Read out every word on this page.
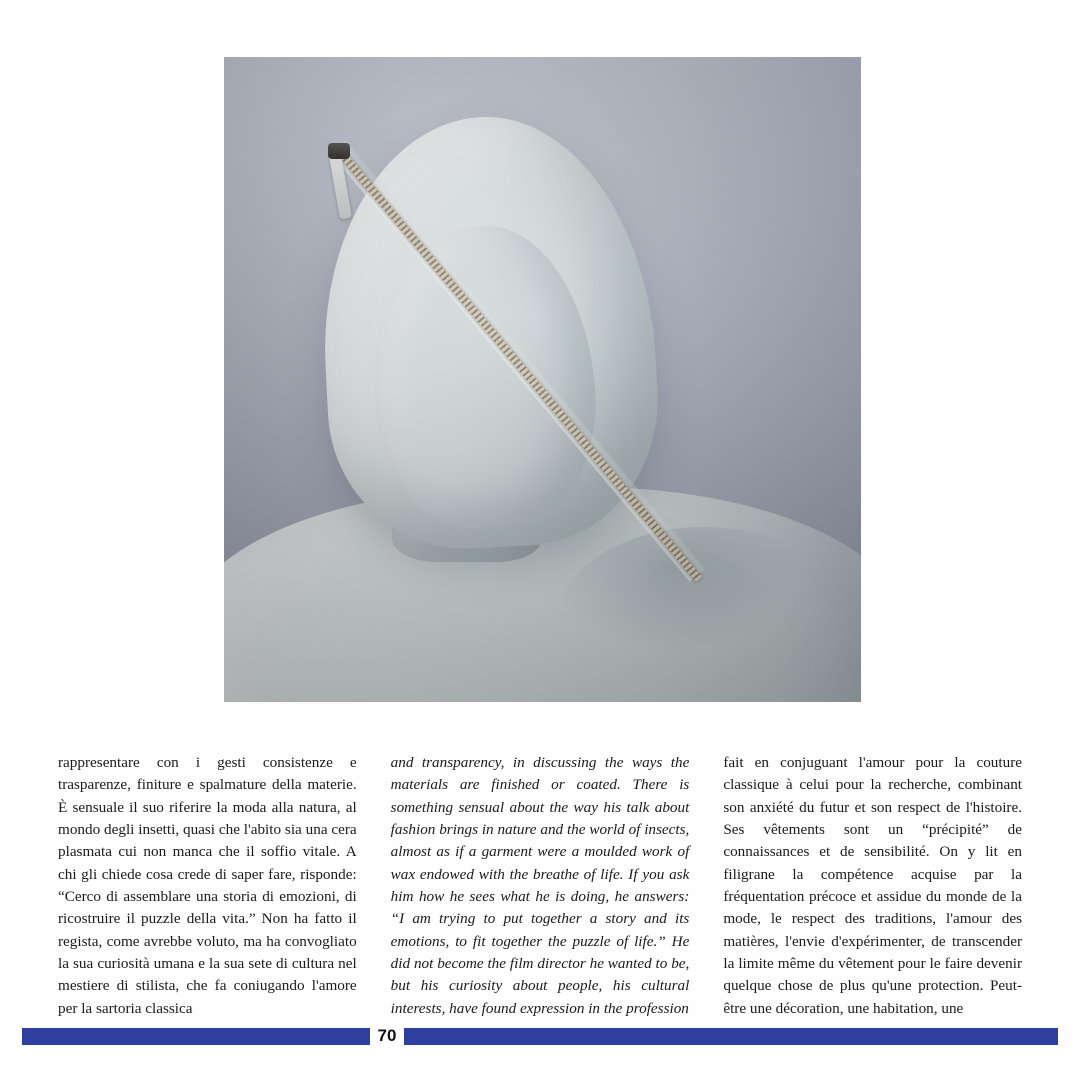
rappresentare con i gesti consistenze e trasparenze, finiture e spalmature della materie. È sensuale il suo riferire la moda alla natura, al mondo degli insetti, quasi che l'abito sia una cera plasmata cui non manca che il soffio vitale. A chi gli chiede cosa crede di saper fare, risponde: “Cerco di assemblare una storia di emozioni, di ricostruire il puzzle della vita.” Non ha fatto il regista, come avrebbe voluto, ma ha convogliato la sua curiosità umana e la sua sete di cultura nel mestiere di stilista, che fa coniugando l'amore per la sartoria classica

and transparency, in discussing the ways the materials are finished or coated. There is something sensual about the way his talk about fashion brings in nature and the world of insects, almost as if a garment were a moulded work of wax endowed with the breathe of life. If you ask him how he sees what he is doing, he answers: “I am trying to put together a story and its emotions, to fit together the puzzle of life.” He did not become the film director he wanted to be, but his curiosity about people, his cultural interests, have found expression in the profession

fait en conjuguant l'amour pour la couture classique à celui pour la recherche, combinant son anxiété du futur et son respect de l'histoire. Ses vêtements sont un “précipité” de connaissances et de sensibilité. On y lit en filigrane la compétence acquise par la fréquentation précoce et assidue du monde de la mode, le respect des traditions, l'amour des matières, l'envie d'expérimenter, de transcender la limite même du vêtement pour le faire devenir quelque chose de plus qu'une protection. Peut-être une décoration, une habitation, une

70
